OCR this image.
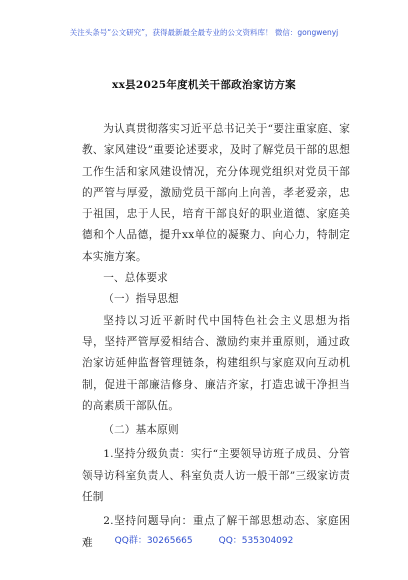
关注头条号“公文研究”，获得最新最全最专业的公文资料库！ 微信：gongwenyj
xx县2025年度机关干部政治家访方案

为认真贯彻落实习近平总书记关于“要注重家庭、家教、家风建设”重要论述要求，及时了解党员干部的思想工作生活和家风建设情况，充分体现党组织对党员干部的严管与厚爱，激励党员干部向上向善，孝老爱亲，忠于祖国，忠于人民，培育干部良好的职业道德、家庭美德和个人品德，提升xx单位的凝聚力、向心力，特制定本实施方案。

一、总体要求

（一）指导思想

坚持以习近平新时代中国特色社会主义思想为指导，坚持严管厚爱相结合、激励约束并重原则，通过政治家访延伸监督管理链条，构建组织与家庭双向互动机制，促进干部廉洁修身、廉洁齐家，打造忠诚干净担当的高素质干部队伍。

（二）基本原则

1.坚持分级负责：实行“主要领导访班子成员、分管领导访科室负责人、科室负责人访一般干部”三级家访责任制

2.坚持问题导向：重点了解干部思想动态、家庭困难	QQ群：30265665	QQ：535304092
